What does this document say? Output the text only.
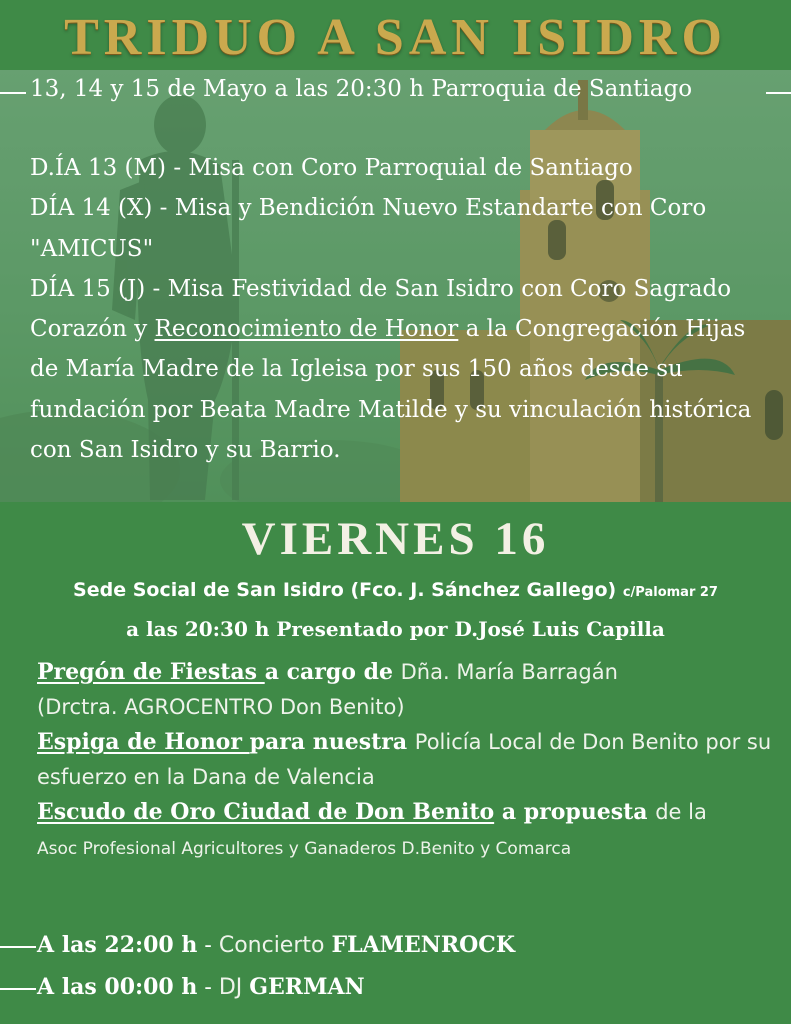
TRIDUO A SAN ISIDRO
13, 14 y 15 de Mayo a las 20:30 h Parroquia de Santiago

D.ÍA 13 (M) - Misa con Coro Parroquial de Santiago

DÍA 14 (X) - Misa y Bendición Nuevo Estandarte con Coro "AMICUS"

DÍA 15 (J) - Misa Festividad de San Isidro con Coro Sagrado Corazón y Reconocimiento de Honor a la Congregación Hijas de María Madre de la Igleisa por sus 150 años desde su fundación por Beata Madre Matilde y su vinculación histórica con San Isidro y su Barrio.

VIERNES 16
Sede Social de San Isidro (Fco. J. Sánchez Gallego) c/Palomar 27
a las 20:30 h Presentado por D.José Luis Capilla

Pregón de Fiestas a cargo de Dña. María Barragán

(Drctra. AGROCENTRO Don Benito)

Espiga de Honor para nuestra Policía Local de Don Benito por su esfuerzo en la Dana de Valencia

Escudo de Oro Ciudad de Don Benito a propuesta de la

Asoc Profesional Agricultores y Ganaderos D.Benito y Comarca

A las 22:00 h - Concierto FLAMENROCK
A las 00:00 h - DJ GERMAN
